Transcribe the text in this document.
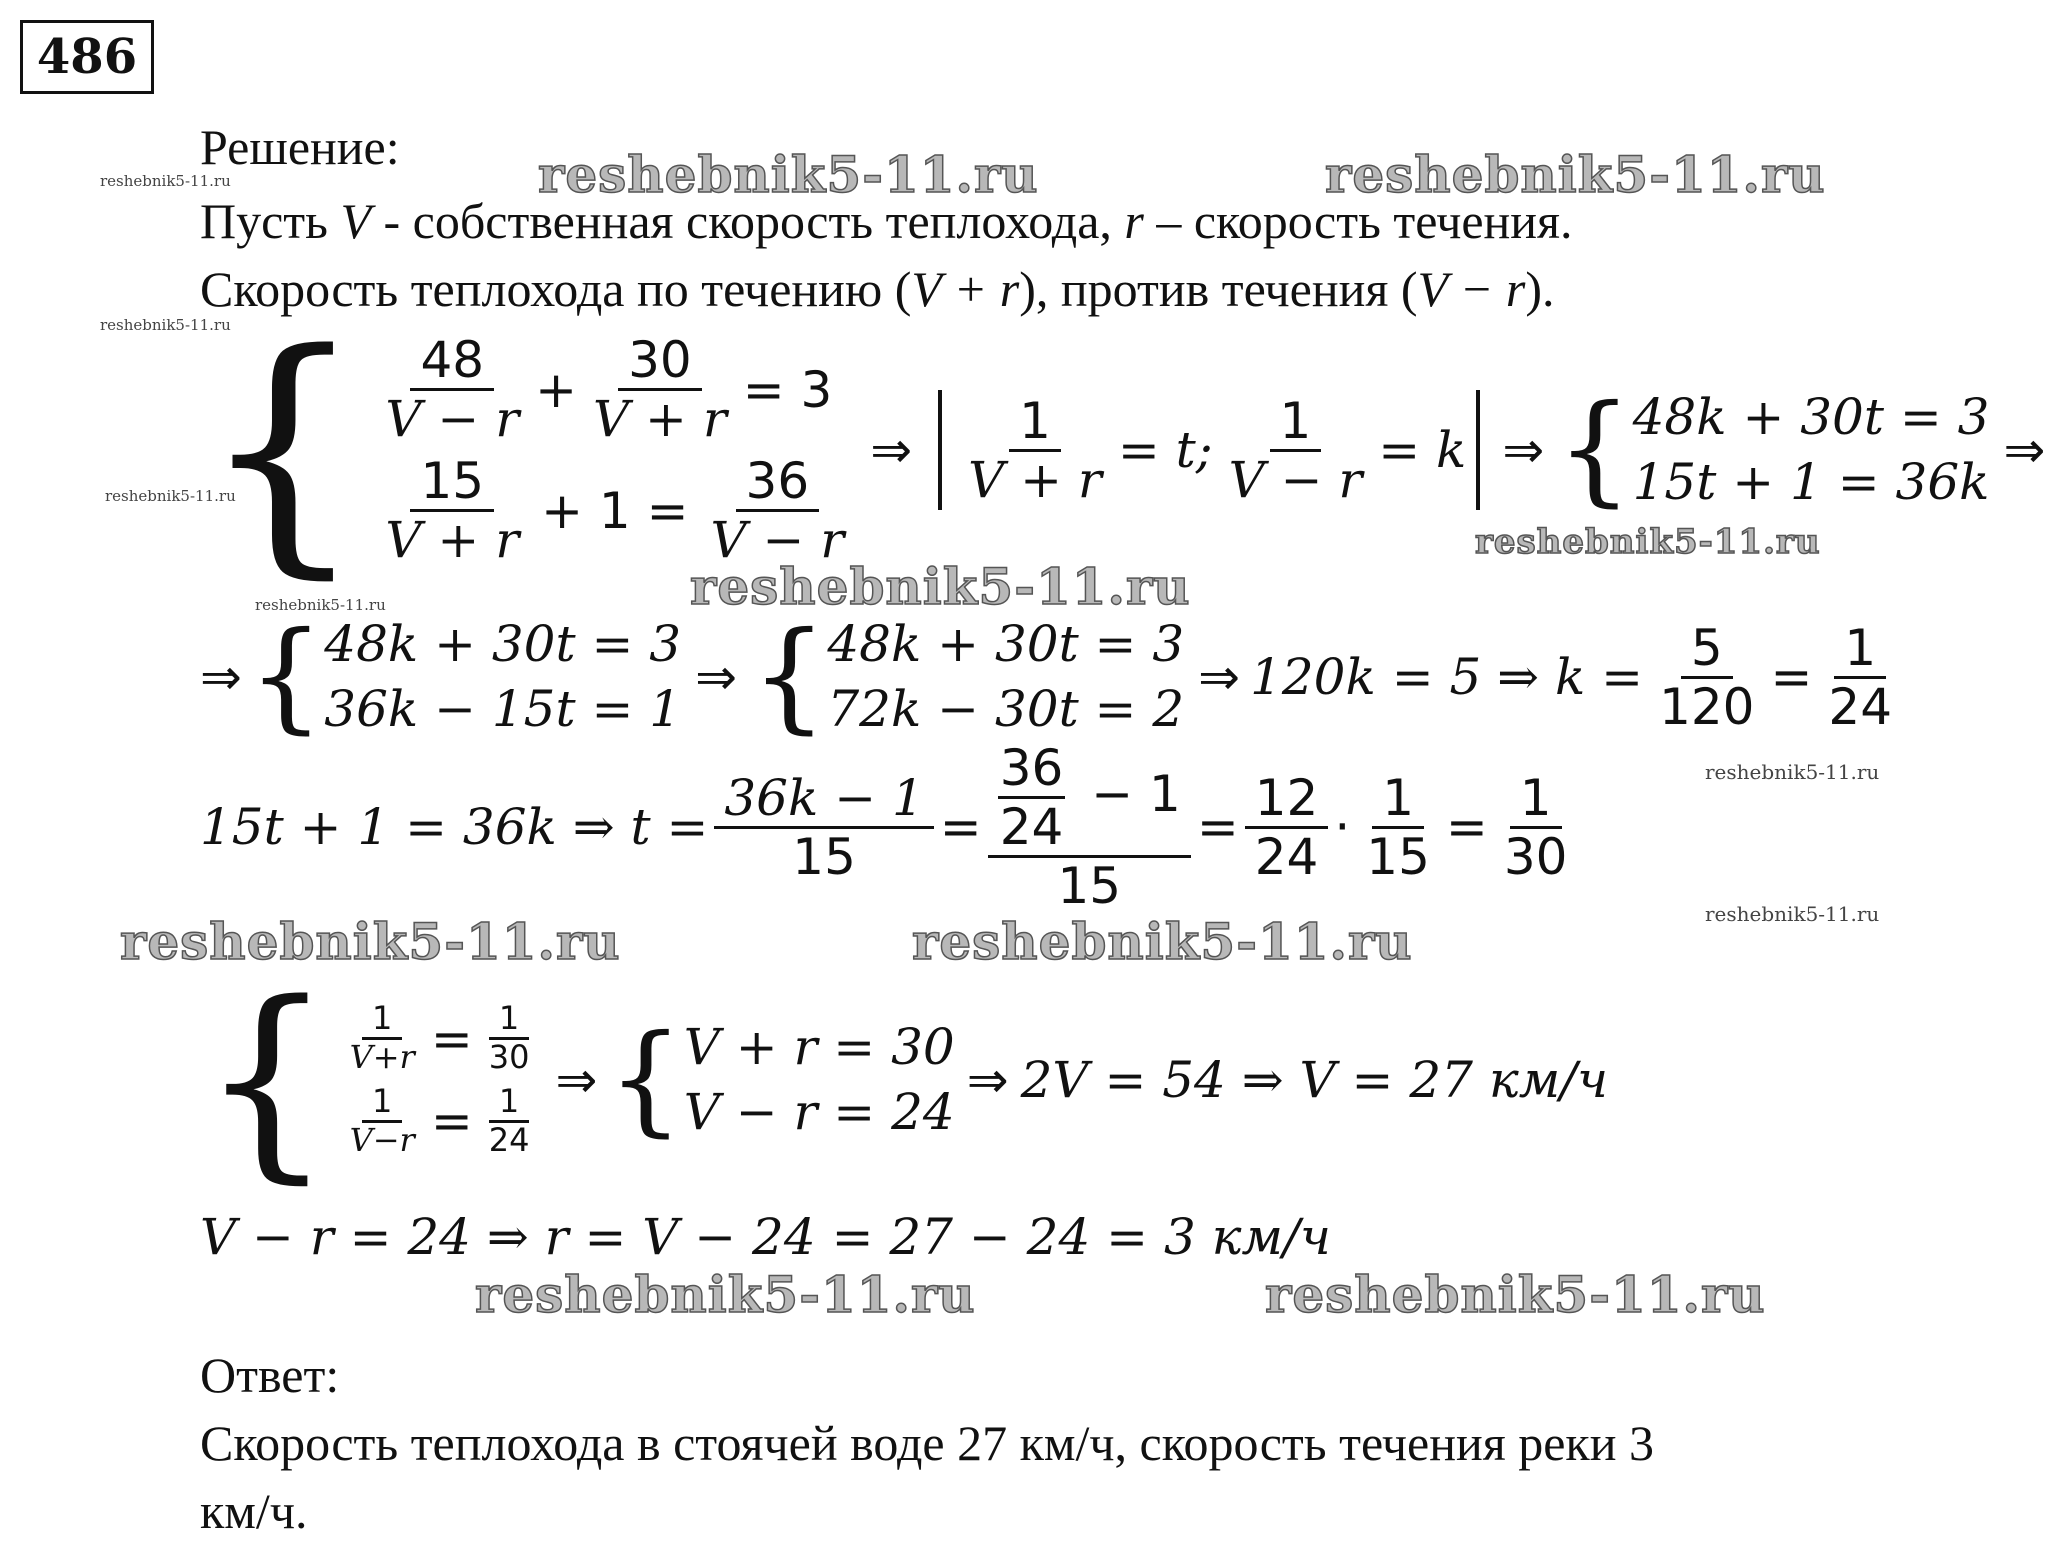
486
Решение:
Пусть V - собственная скорость теплохода, r – скорость течения.
Скорость теплохода по течению (V + r), против течения (V − r).
{ $\frac{48}{V - r} + \frac{30}{V + r} = 3$
$\frac{15}{V + r} + 1 = \frac{36}{V - r}$
⇒ $\frac{1}{V + r} = t$; $\frac{1}{V - r} = k$ ⇒ { 48k + 30t = 3
15t + 1 = 36k
⇒
⇒ { 48k + 30t = 3
36k − 15t = 1
⇒ { 48k + 30t = 3
72k − 30t = 2
⇒ 120k = 5 ⇒ $k = \frac{5}{120} = \frac{1}{24}$
15t + 1 = 36k ⇒ $t = \frac{36k - 1}{15} = \frac{\frac{36}{24} - 1}{15} = \frac{12}{24} \cdot \frac{1}{15} = \frac{1}{30}$
{ $\frac{1}{V+r} = \frac{1}{30}$
$\frac{1}{V-r} = \frac{1}{24}$
⇒ { V + r = 30
V − r = 24
⇒ 2V = 54 ⇒ V = 27 км/ч
V − r = 24 ⇒ r = V − 24 = 27 − 24 = 3 км/ч
Ответ:
Скорость теплохода в стоячей воде 27 км/ч, скорость течения реки 3
км/ч.
reshebnik5-11.ru	reshebnik5-11.ru
reshebnik5-11.ru
reshebnik5-11.ru	reshebnik5-11.ru
reshebnik5-11.ru	reshebnik5-11.ru
reshebnik5-11.ru
reshebnik5-11.ru
reshebnik5-11.ru
reshebnik5-11.ru
reshebnik5-11.ru
reshebnik5-11.ru
reshebnik5-11.ru
